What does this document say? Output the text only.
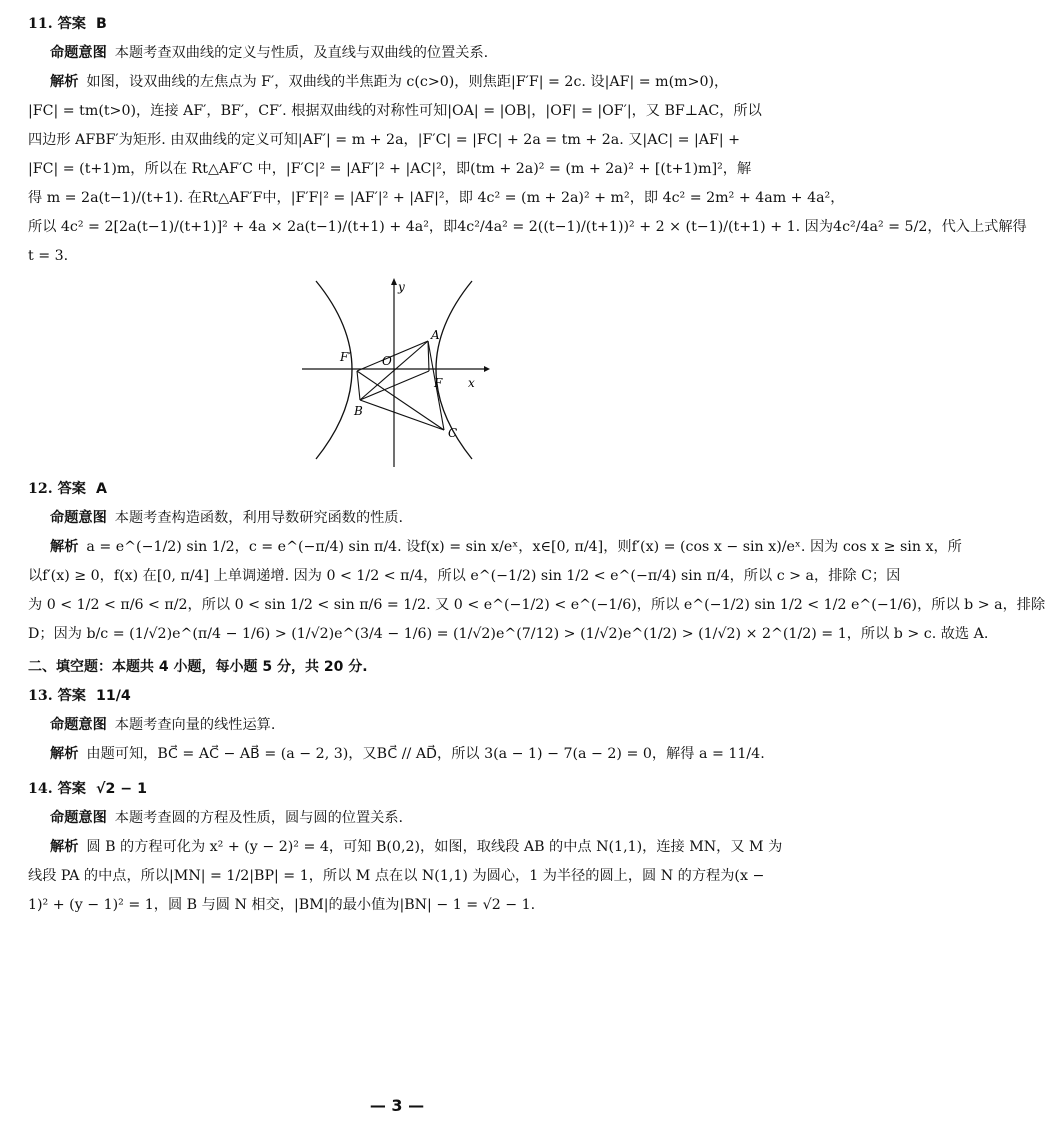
11. 答案 B
命题意图 本题考查双曲线的定义与性质，及直线与双曲线的位置关系.
解析 如图，设双曲线的左焦点为 F′，双曲线的半焦距为 c(c>0)，则焦距|F′F| = 2c. 设|AF| = m(m>0)，
|FC| = tm(t>0)，连接 AF′，BF′，CF′. 根据双曲线的对称性可知|OA| = |OB|，|OF| = |OF′|，又 BF⊥AC，所以
四边形 AFBF′为矩形. 由双曲线的定义可知|AF′| = m + 2a，|F′C| = |FC| + 2a = tm + 2a. 又|AC| = |AF| +
|FC| = (t+1)m，所以在 Rt△AF′C 中，|F′C|² = |AF′|² + |AC|²，即(tm + 2a)² = (m + 2a)² + [(t+1)m]²，解
得 m = 2a(t−1)/(t+1). 在Rt△AF′F中，|F′F|² = |AF′|² + |AF|²，即 4c² = (m + 2a)² + m²，即 4c² = 2m² + 4am + 4a²，
所以 4c² = 2[2a(t−1)/(t+1)]² + 4a × 2a(t−1)/(t+1) + 4a²，即4c²/4a² = 2((t−1)/(t+1))² + 2 × (t−1)/(t+1) + 1. 因为4c²/4a² = 5/2，代入上式解得
t = 3.
y
x
O
F′
F
A
B
C
12. 答案 A
命题意图 本题考查构造函数，利用导数研究函数的性质.
解析 a = e^(−1/2) sin 1/2，c = e^(−π/4) sin π/4. 设f(x) = sin x/eˣ，x∈[0, π/4]，则f′(x) = (cos x − sin x)/eˣ. 因为 cos x ≥ sin x，所
以f′(x) ≥ 0，f(x) 在[0, π/4] 上单调递增. 因为 0 < 1/2 < π/4，所以 e^(−1/2) sin 1/2 < e^(−π/4) sin π/4，所以 c > a，排除 C；因
为 0 < 1/2 < π/6 < π/2，所以 0 < sin 1/2 < sin π/6 = 1/2. 又 0 < e^(−1/2) < e^(−1/6)，所以 e^(−1/2) sin 1/2 < 1/2 e^(−1/6)，所以 b > a，排除
D；因为 b/c = (1/√2)e^(π/4 − 1/6) > (1/√2)e^(3/4 − 1/6) = (1/√2)e^(7/12) > (1/√2)e^(1/2) > (1/√2) × 2^(1/2) = 1，所以 b > c. 故选 A.
二、填空题：本题共 4 小题，每小题 5 分，共 20 分.
13. 答案 11/4
命题意图 本题考查向量的线性运算.
解析 由题可知，BC⃗ = AC⃗ − AB⃗ = (a − 2, 3)，又BC⃗ // AD⃗，所以 3(a − 1) − 7(a − 2) = 0，解得 a = 11/4.
14. 答案 √2 − 1
命题意图 本题考查圆的方程及性质，圆与圆的位置关系.
解析 圆 B 的方程可化为 x² + (y − 2)² = 4，可知 B(0,2)，如图，取线段 AB 的中点 N(1,1)，连接 MN，又 M 为
线段 PA 的中点，所以|MN| = 1/2|BP| = 1，所以 M 点在以 N(1,1) 为圆心，1 为半径的圆上，圆 N 的方程为(x −
1)² + (y − 1)² = 1，圆 B 与圆 N 相交，|BM|的最小值为|BN| − 1 = √2 − 1.
— 3 —
